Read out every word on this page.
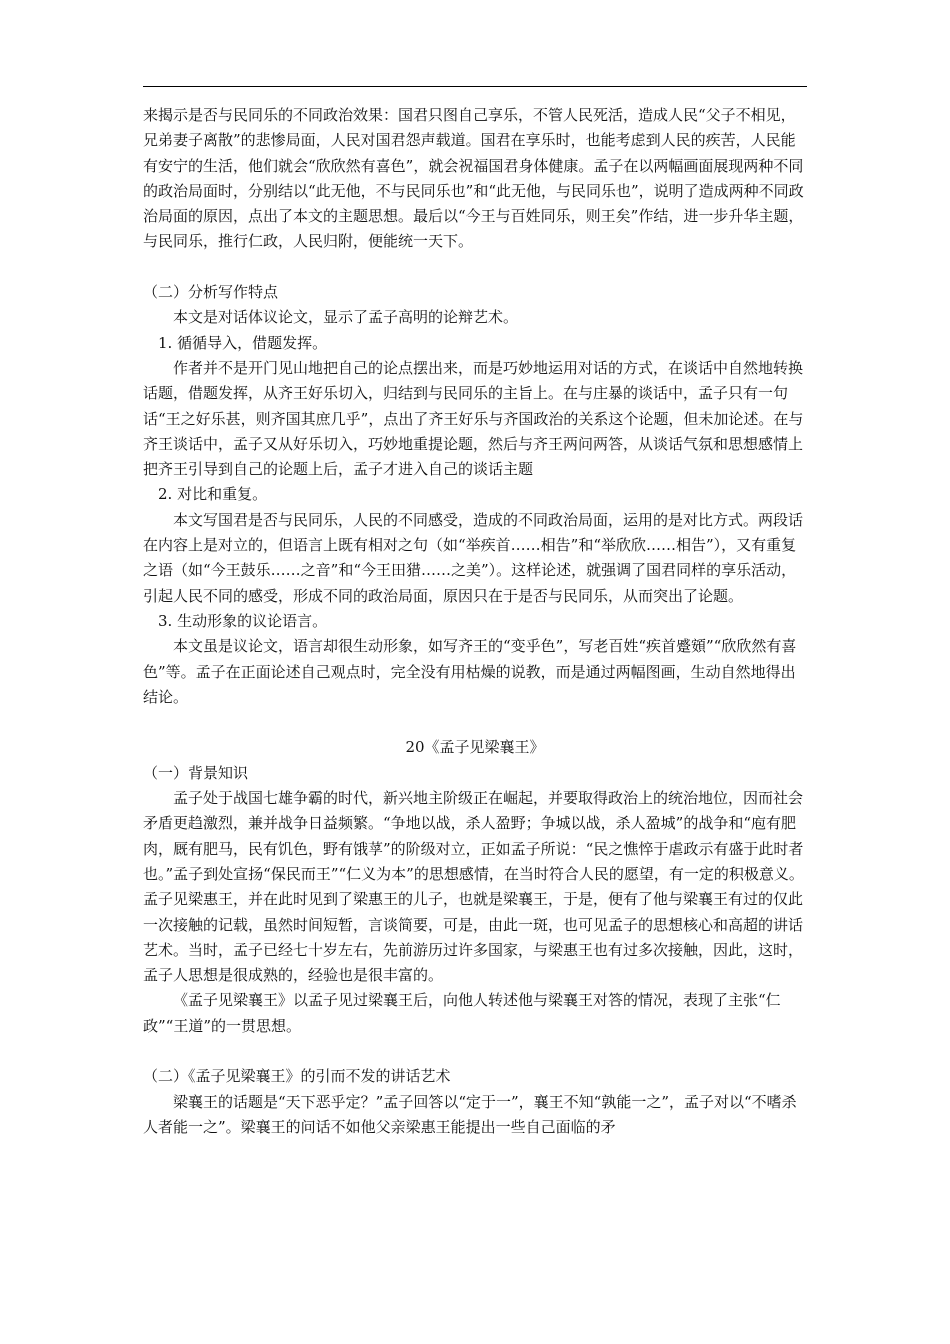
来揭示是否与民同乐的不同政治效果：国君只图自己享乐，不管人民死活，造成人民“父子不相见，兄弟妻子离散”的悲惨局面，人民对国君怨声载道。国君在享乐时，也能考虑到人民的疾苦，人民能有安宁的生活，他们就会“欣欣然有喜色”，就会祝福国君身体健康。孟子在以两幅画面展现两种不同的政治局面时，分别结以“此无他，不与民同乐也”和“此无他，与民同乐也”，说明了造成两种不同政治局面的原因，点出了本文的主题思想。最后以“今王与百姓同乐，则王矣”作结，进一步升华主题，与民同乐，推行仁政，人民归附，便能统一天下。

（二）分析写作特点

本文是对话体议论文，显示了孟子高明的论辩艺术。

1. 循循导入，借题发挥。

作者并不是开门见山地把自己的论点摆出来，而是巧妙地运用对话的方式，在谈话中自然地转换话题，借题发挥，从齐王好乐切入，归结到与民同乐的主旨上。在与庄暴的谈话中，孟子只有一句话“王之好乐甚，则齐国其庶几乎”，点出了齐王好乐与齐国政治的关系这个论题，但未加论述。在与齐王谈话中，孟子又从好乐切入，巧妙地重提论题，然后与齐王两问两答，从谈话气氛和思想感情上把齐王引导到自己的论题上后，孟子才进入自己的谈话主题

2. 对比和重复。

本文写国君是否与民同乐，人民的不同感受，造成的不同政治局面，运用的是对比方式。两段话在内容上是对立的，但语言上既有相对之句（如“举疾首……相告”和“举欣欣……相告”），又有重复之语（如“今王鼓乐……之音”和“今王田猎……之美”）。这样论述，就强调了国君同样的享乐活动，引起人民不同的感受，形成不同的政治局面，原因只在于是否与民同乐，从而突出了论题。

3. 生动形象的议论语言。

本文虽是议论文，语言却很生动形象，如写齐王的“变乎色”，写老百姓“疾首蹙頞”“欣欣然有喜色”等。孟子在正面论述自己观点时，完全没有用枯燥的说教，而是通过两幅图画，生动自然地得出结论。

20《孟子见梁襄王》

（一）背景知识

孟子处于战国七雄争霸的时代，新兴地主阶级正在崛起，并要取得政治上的统治地位，因而社会矛盾更趋激烈，兼并战争日益频繁。“争地以战，杀人盈野；争城以战，杀人盈城”的战争和“庖有肥肉，厩有肥马，民有饥色，野有饿莩”的阶级对立，正如孟子所说：“民之憔悴于虐政示有盛于此时者也。”孟子到处宣扬“保民而王”“仁义为本”的思想感情，在当时符合人民的愿望，有一定的积极意义。孟子见梁惠王，并在此时见到了梁惠王的儿子，也就是梁襄王，于是，便有了他与梁襄王有过的仅此一次接触的记载，虽然时间短暂，言谈简要，可是，由此一斑，也可见孟子的思想核心和高超的讲话艺术。当时，孟子已经七十岁左右，先前游历过许多国家，与梁惠王也有过多次接触，因此，这时，孟子人思想是很成熟的，经验也是很丰富的。

《孟子见梁襄王》以孟子见过梁襄王后，向他人转述他与梁襄王对答的情况，表现了主张“仁政”“王道”的一贯思想。

（二）《孟子见梁襄王》的引而不发的讲话艺术

梁襄王的话题是“天下恶乎定？”孟子回答以“定于一”，襄王不知“孰能一之”，孟子对以“不嗜杀人者能一之”。梁襄王的问话不如他父亲梁惠王能提出一些自己面临的矛
